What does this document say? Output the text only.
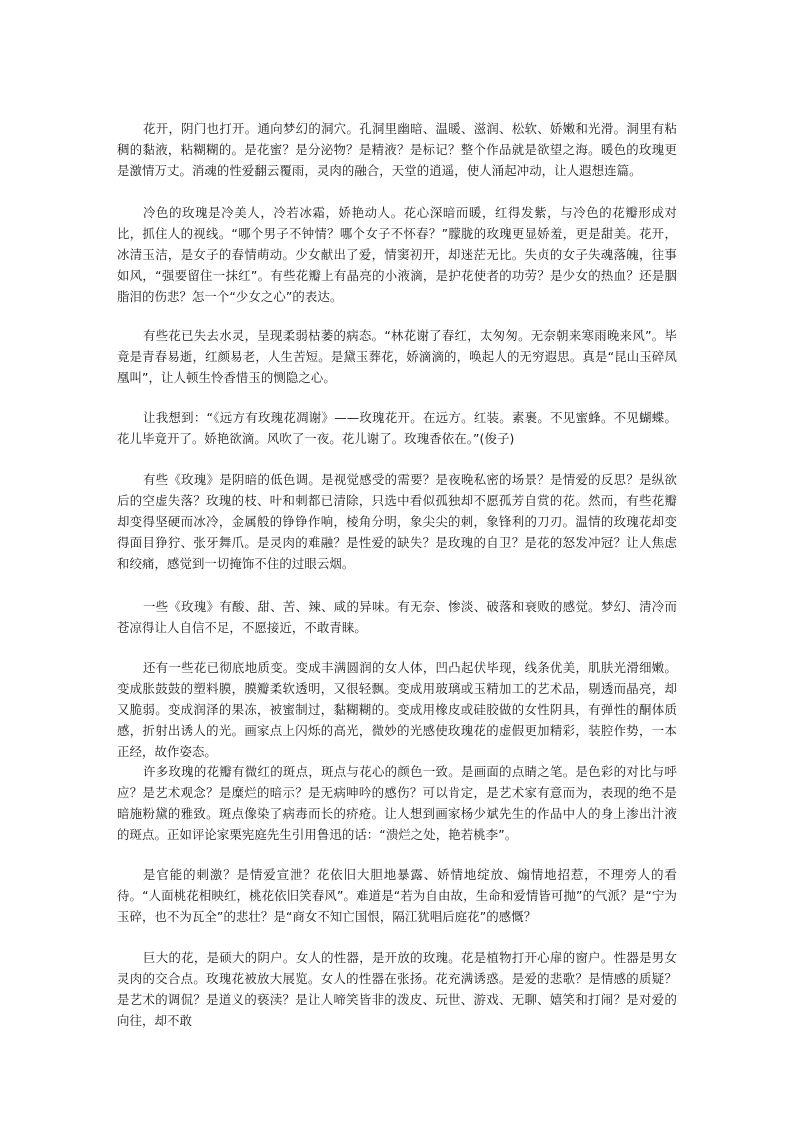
花开，阴门也打开。通向梦幻的洞穴。孔洞里幽暗、温暖、滋润、松软、娇嫩和光滑。洞里有粘稠的黏液，粘糊糊的。是花蜜？是分泌物？是精液？是标记？整个作品就是欲望之海。暖色的玫瑰更是激情万丈。消魂的性爱翻云覆雨，灵肉的融合，天堂的逍遥，使人涌起冲动，让人遐想连篇。

冷色的玫瑰是冷美人，冷若冰霜，娇艳动人。花心深暗而暖，红得发紫，与冷色的花瓣形成对比，抓住人的视线。“哪个男子不钟情？哪个女子不怀春？”朦胧的玫瑰更显娇羞，更是甜美。花开，冰清玉洁，是女子的春情萌动。少女献出了爱，情窦初开，却迷茫无比。失贞的女子失魂落魄，往事如风，“强要留住一抹红”。有些花瓣上有晶亮的小液滴，是护花使者的功劳？是少女的热血？还是胭脂泪的伤悲？怎一个“少女之心”的表达。

有些花已失去水灵，呈现柔弱枯萎的病态。“林花谢了春红，太匆匆。无奈朝来寒雨晚来风”。毕竟是青春易逝，红颜易老，人生苦短。是黛玉葬花，娇滴滴的，唤起人的无穷遐思。真是“昆山玉碎凤凰叫”，让人顿生怜香惜玉的恻隐之心。

让我想到：“《远方有玫瑰花凋谢》——玫瑰花开。在远方。红装。素裹。不见蜜蜂。不见蝴蝶。花儿毕竟开了。娇艳欲滴。风吹了一夜。花儿谢了。玫瑰香依在。”(俊子)

有些《玫瑰》是阴暗的低色调。是视觉感受的需要？是夜晚私密的场景？是情爱的反思？是纵欲后的空虚失落？玫瑰的枝、叶和刺都已清除，只选中看似孤独却不愿孤芳自赏的花。然而，有些花瓣却变得坚硬而冰冷，金属般的铮铮作响，棱角分明，象尖尖的刺，象锋利的刀刃。温情的玫瑰花却变得面目狰狞、张牙舞爪。是灵肉的难融？是性爱的缺失？是玫瑰的自卫？是花的怒发冲冠？让人焦虑和绞痛，感觉到一切掩饰不住的过眼云烟。

一些《玫瑰》有酸、甜、苦、辣、咸的异味。有无奈、惨淡、破落和衰败的感觉。梦幻、清冷而苍凉得让人自信不足，不愿接近，不敢青睐。

还有一些花已彻底地质变。变成丰满圆润的女人体，凹凸起伏毕现，线条优美，肌肤光滑细嫩。变成胀鼓鼓的塑料膜，膜瓣柔软透明，又很轻飘。变成用玻璃或玉精加工的艺术品，剔透而晶亮，却又脆弱。变成润泽的果冻，被蜜制过，黏糊糊的。变成用橡皮或硅胶做的女性阴具，有弹性的酮体质感，折射出诱人的光。画家点上闪烁的高光，微妙的光感使玫瑰花的虚假更加精彩，装腔作势，一本正经，故作姿态。

许多玫瑰的花瓣有微红的斑点，斑点与花心的颜色一致。是画面的点睛之笔。是色彩的对比与呼应？是艺术观念？是糜烂的暗示？是无病呻吟的感伤？可以肯定，是艺术家有意而为，表现的绝不是暗施粉黛的雅致。斑点像染了病毒而长的疥疮。让人想到画家杨少斌先生的作品中人的身上渗出汁液的斑点。正如评论家栗宪庭先生引用鲁迅的话：“溃烂之处，艳若桃李”。

是官能的刺激？是情爱宣泄？花依旧大胆地暴露、娇情地绽放、煽情地招惹，不理旁人的看待。“人面桃花相映红，桃花依旧笑春风”。难道是“若为自由故，生命和爱情皆可抛”的气派？是“宁为玉碎，也不为瓦全”的悲壮？是“商女不知亡国恨，隔江犹唱后庭花”的感慨？

巨大的花，是硕大的阴户。女人的性器，是开放的玫瑰。花是植物打开心扉的窗户。性器是男女灵肉的交合点。玫瑰花被放大展览。女人的性器在张扬。花充满诱惑。是爱的悲歌？是情感的质疑？是艺术的调侃？是道义的亵渎？是让人啼笑皆非的泼皮、玩世、游戏、无聊、嬉笑和打闹？是对爱的向往，却不敢
